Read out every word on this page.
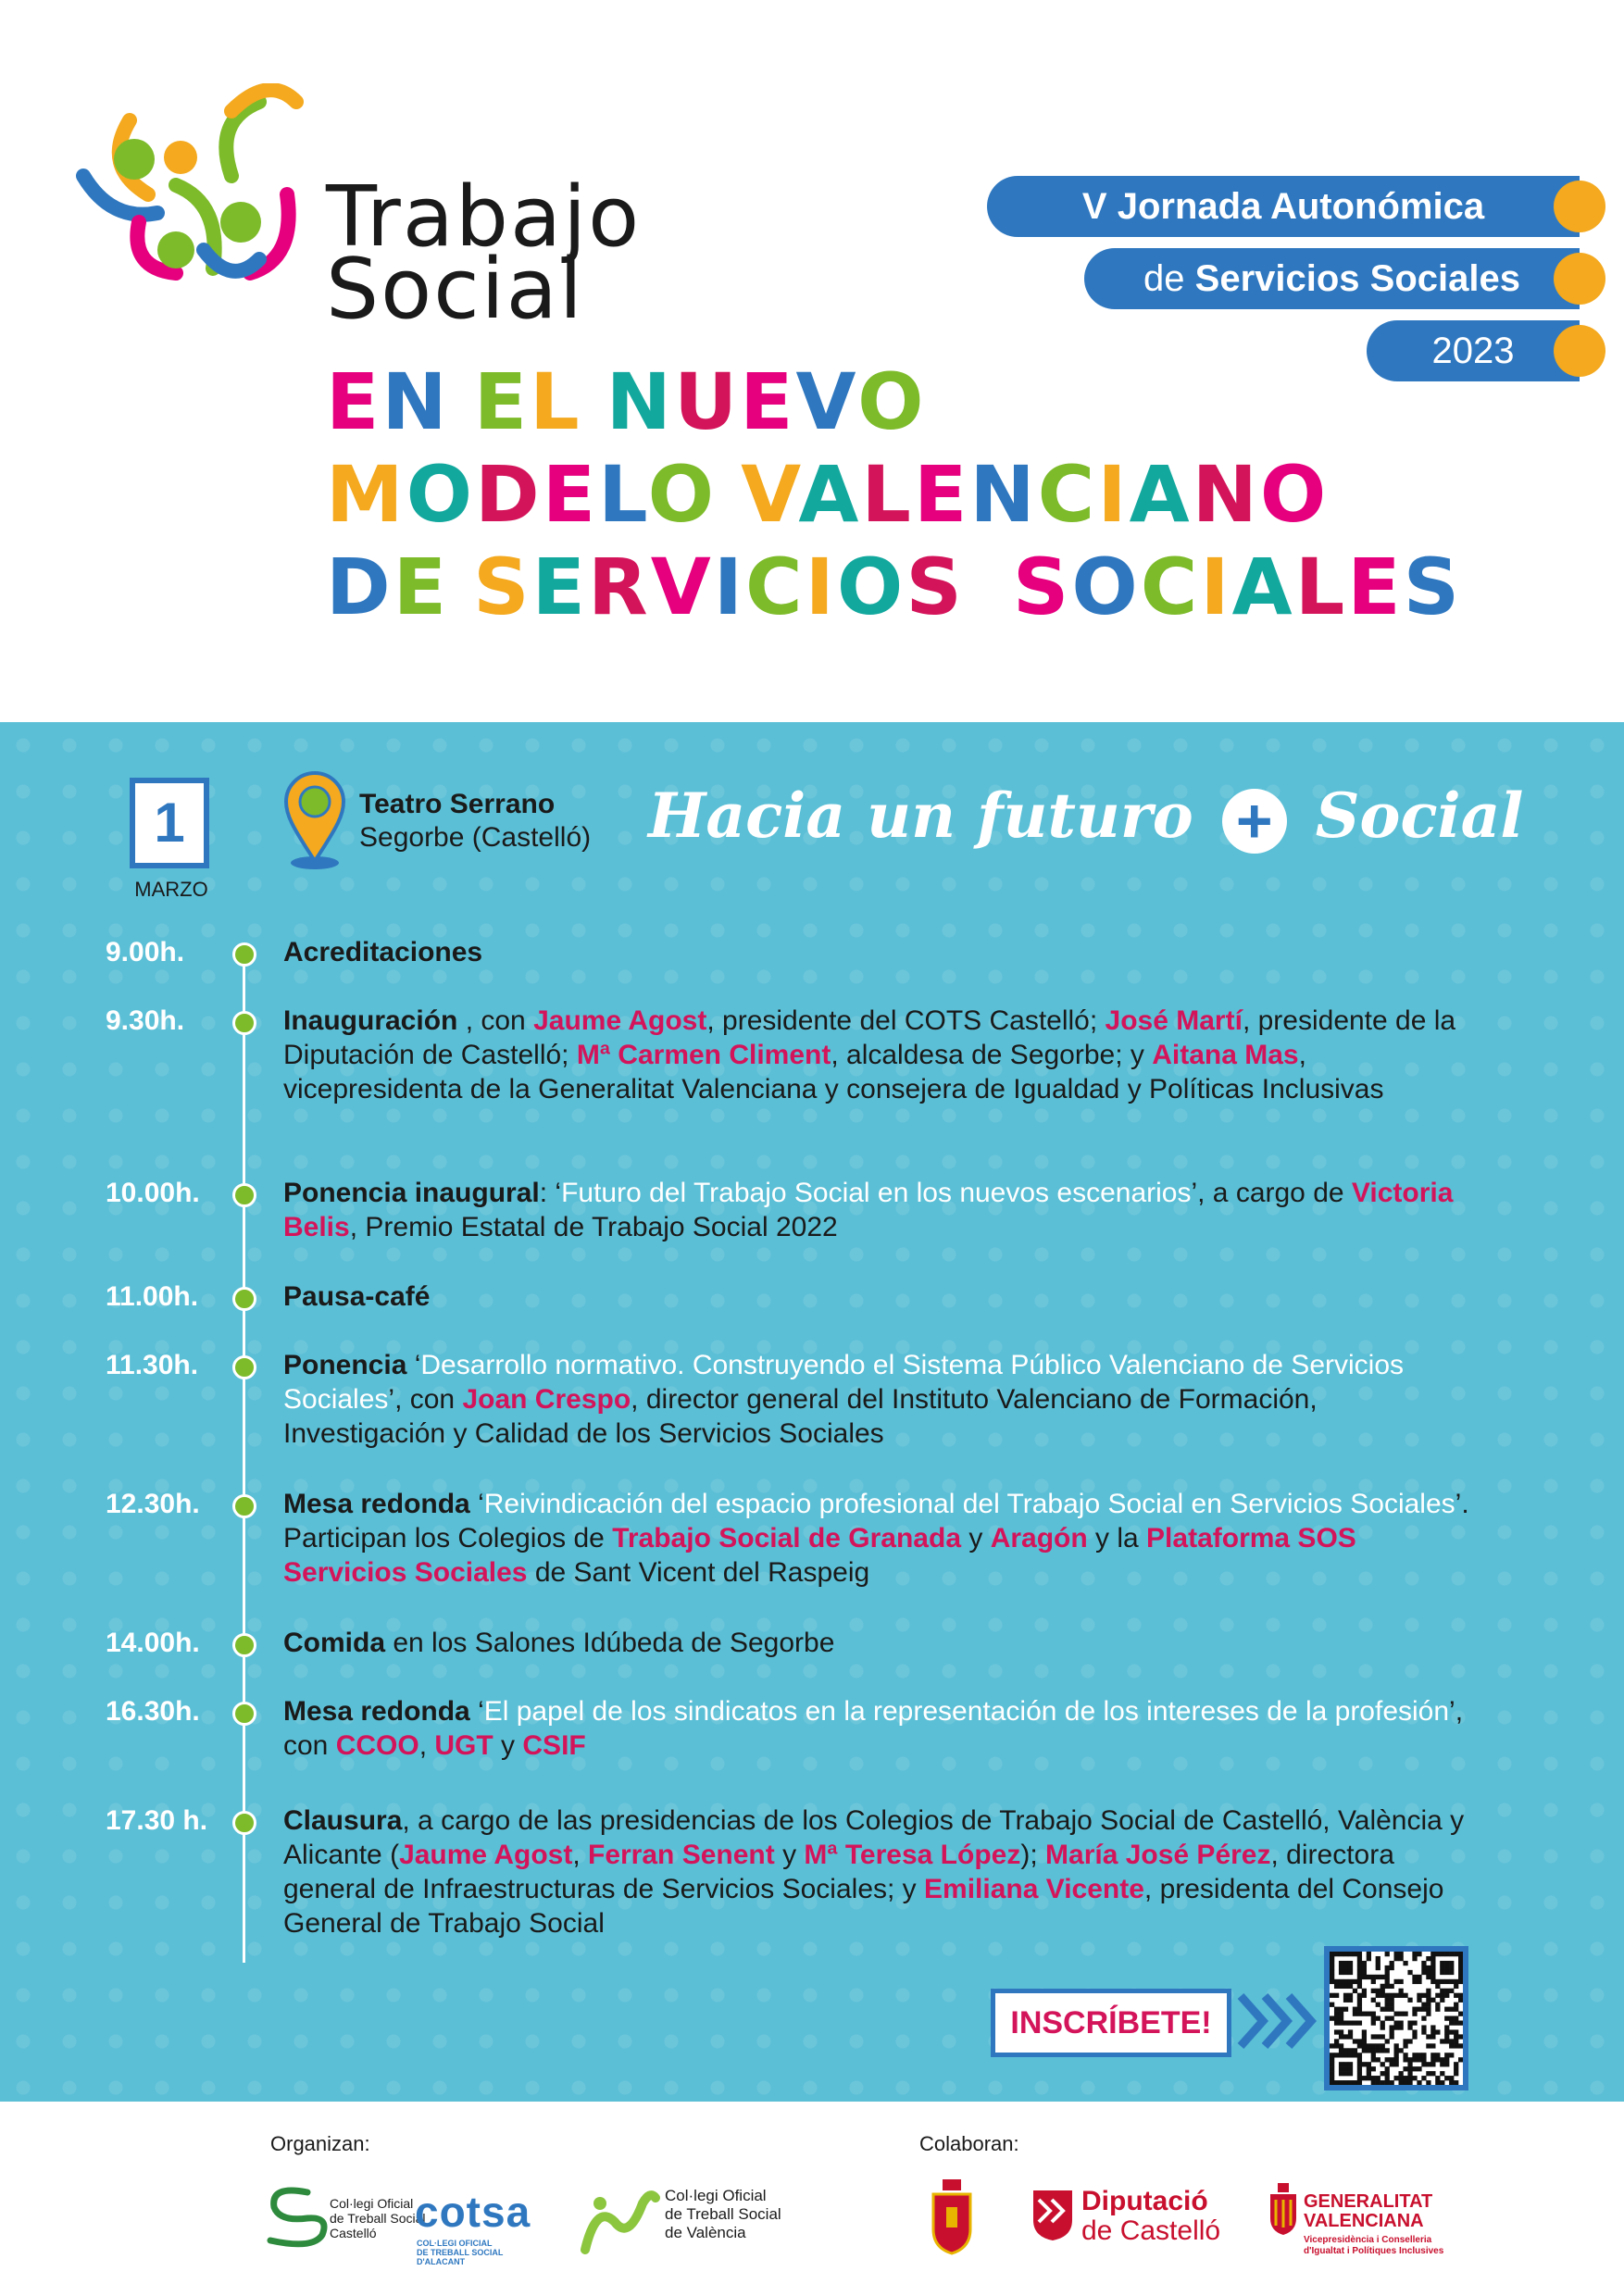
Trabajo
Social
V Jornada Autonómica
de Servicios Sociales
2023
EN EL NUEVO
MODELO VALENCIANO
DE SERVICIOS SOCIALES
1
MARZO
Teatro Serrano
Segorbe (Castelló) Hacia un futuro + Social
9.00h.	Acreditaciones
9.30h.	Inauguración , con Jaume Agost, presidente del COTS Castelló; José Martí, presidente de la Diputación de Castelló; Mª Carmen Climent, alcaldesa de Segorbe; y Aitana Mas, vicepresidenta de la Generalitat Valenciana y consejera de Igualdad y Políticas Inclusivas
10.00h.	Ponencia inaugural: ‘Futuro del Trabajo Social en los nuevos escenarios’, a cargo de Victoria Belis, Premio Estatal de Trabajo Social 2022
11.00h.	Pausa-café
11.30h.	Ponencia ‘Desarrollo normativo. Construyendo el Sistema Público Valenciano de Servicios Sociales’, con Joan Crespo, director general del Instituto Valenciano de Formación, Investigación y Calidad de los Servicios Sociales
12.30h.	Mesa redonda ‘Reivindicación del espacio profesional del Trabajo Social en Servicios Sociales’. Participan los Colegios de Trabajo Social de Granada y Aragón y la Plataforma SOS Servicios Sociales de Sant Vicent del Raspeig
14.00h.	Comida en los Salones Idúbeda de Segorbe
16.30h.	Mesa redonda ‘El papel de los sindicatos en la representación de los intereses de la profesión’, con CCOO, UGT y CSIF
17.30 h.	Clausura, a cargo de las presidencias de los Colegios de Trabajo Social de Castelló, València y Alicante (Jaume Agost, Ferran Senent y Mª Teresa López); María José Pérez, directora general de Infraestructuras de Servicios Sociales; y Emiliana Vicente, presidenta del Consejo General de Trabajo Social
INSCRÍBETE!
Organizan:	Colaboran:
Col·legi Oficial
de Treball Social
Castelló cotsa
COL·LEGI OFICIAL
DE TREBALL SOCIAL
D'ALACANT
Col·legi Oficial
de Treball Social
de València
Diputació
de Castelló
GENERALITAT
VALENCIANA
Vicepresidència i Conselleria
d'Igualtat i Polítiques Inclusives
